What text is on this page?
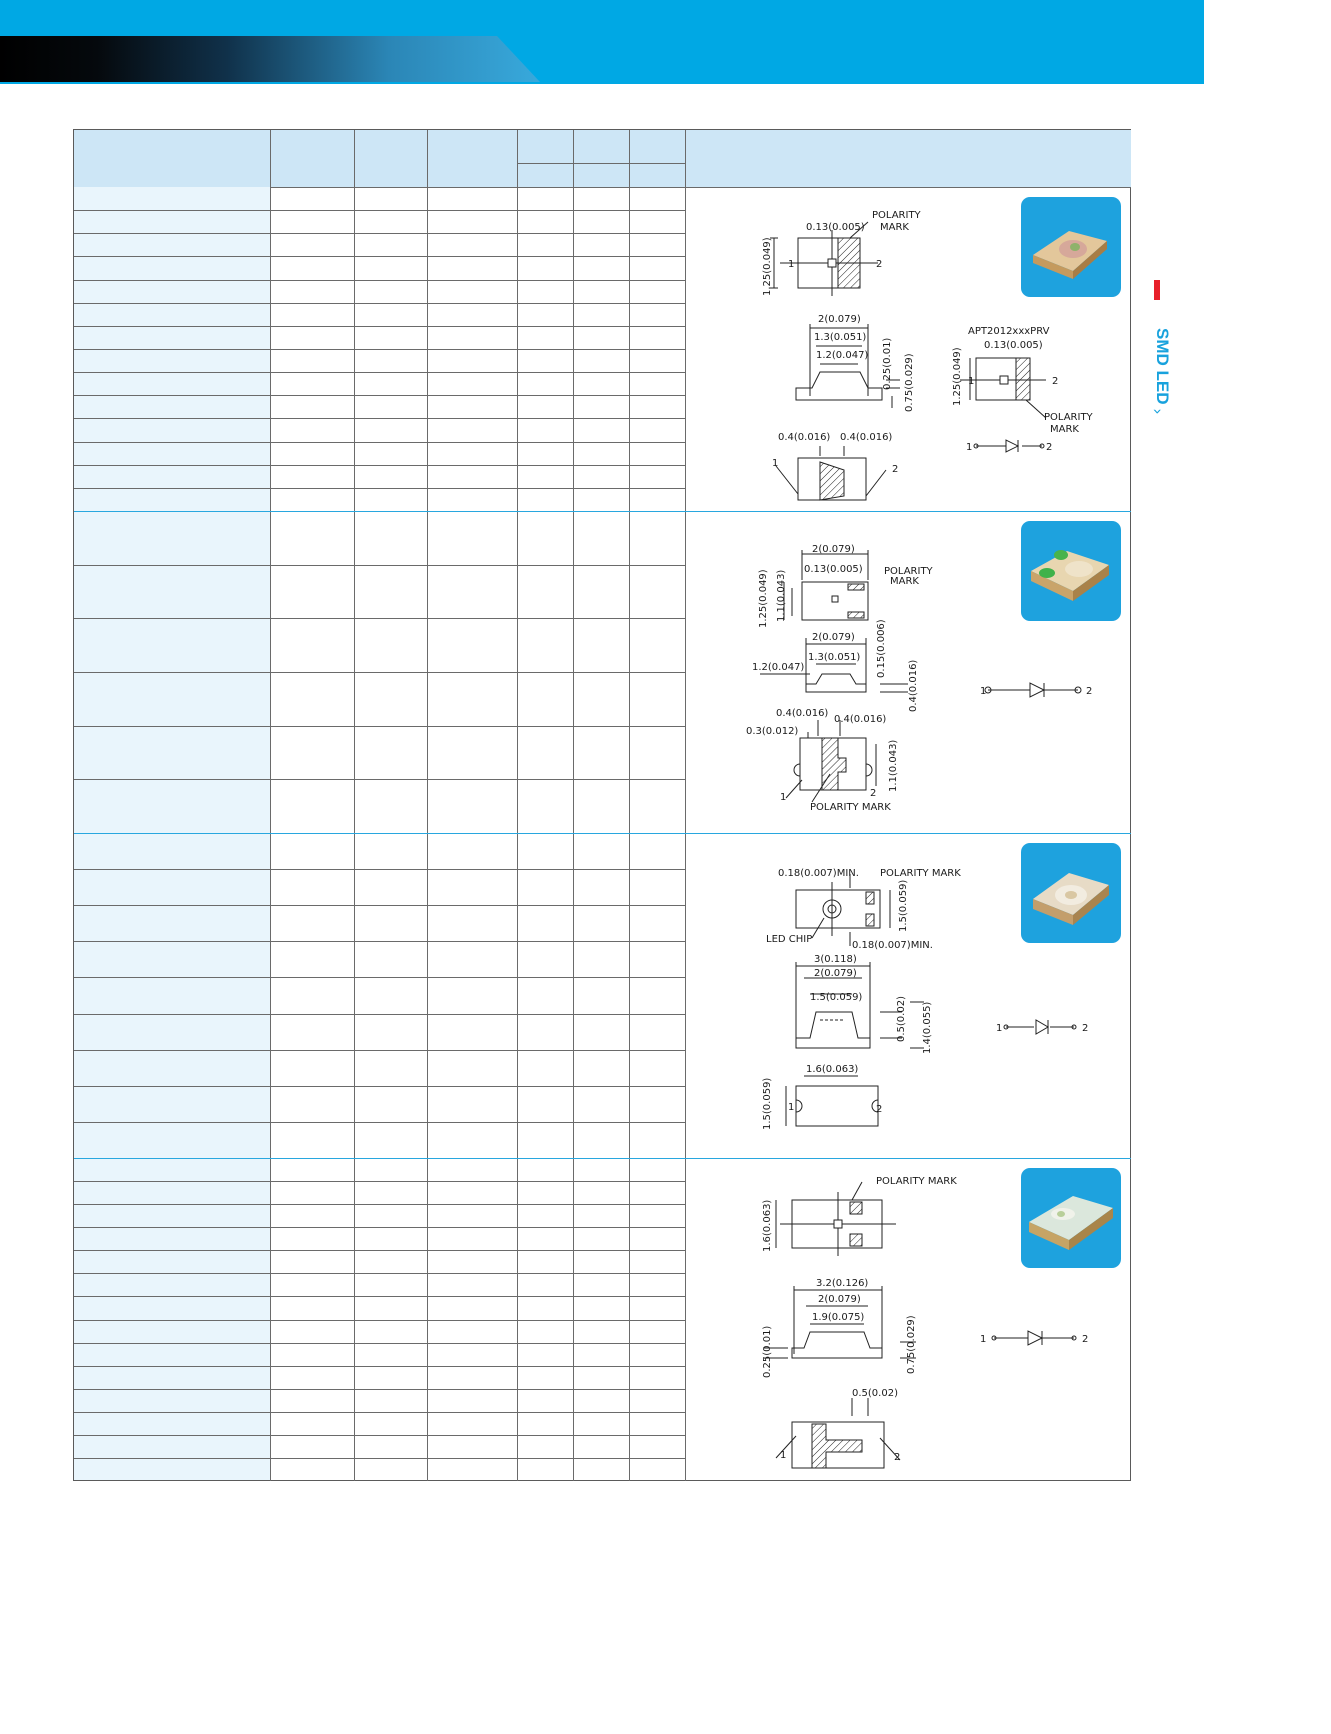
SMD LED
›
POLARITY
MARK
0.13(0.005)
1.25(0.049) 1	2
2(0.079)
1.3(0.051)
1.2(0.047) 0.25(0.01) 0.75(0.029)
0.4(0.016) 0.4(0.016)
1
2
APT2012xxxPRV
0.13(0.005)
1.25(0.049) 1	2
POLARITY
MARK
1	2
2(0.079)
0.13(0.005) POLARITY
MARK
1.25(0.049) 1.1(0.043)
2(0.079)
1.3(0.051)
1.2(0.047)	0.15(0.006)
0.4(0.016)
0.4(0.016)
0.4(0.016)
0.3(0.012)
1.1(0.043)
1	2
POLARITY MARK
1	2
0.18(0.007)MIN. POLARITY MARK
1.5(0.059)
LED CHIP
0.18(0.007)MIN.
3(0.118)
2(0.079)
1.5(0.059)	0.5(0.02) 1.4(0.055)
1.6(0.063)
1.5(0.059) 1	2
1	2
POLARITY MARK
1.6(0.063)
3.2(0.126)
2(0.079)
1.9(0.075)
0.25(0.01)	0.75(0.029)
0.5(0.02)
1	2
1	2
